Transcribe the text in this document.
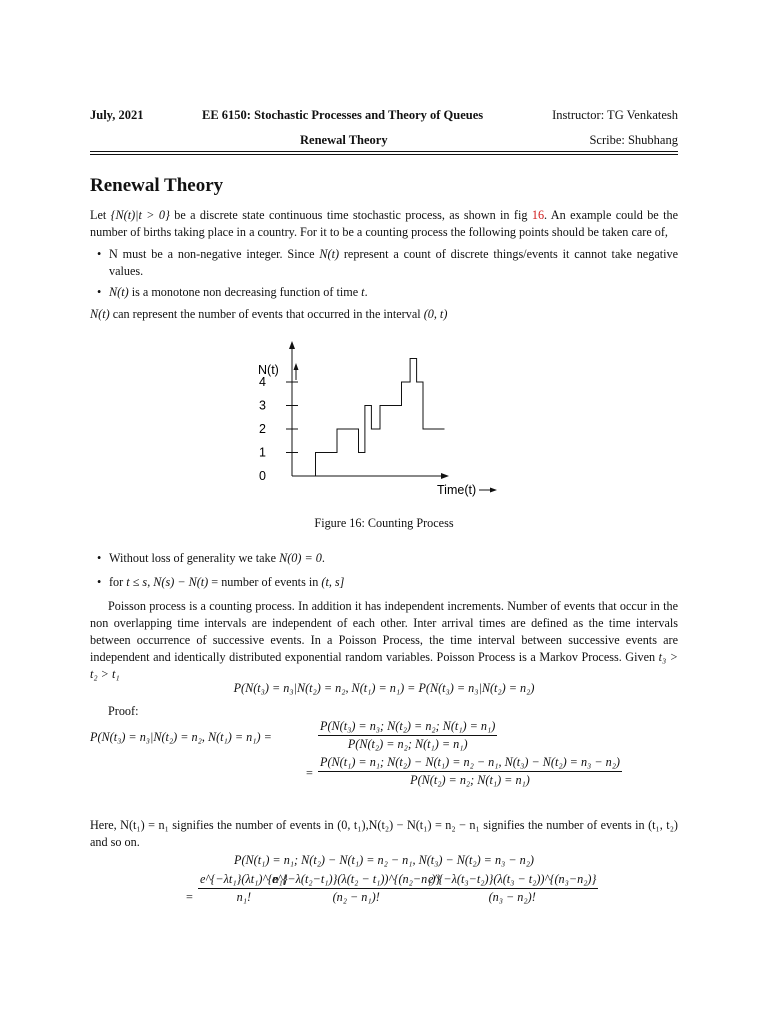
July, 2021	EE 6150: Stochastic Processes and Theory of Queues	Instructor: TG Venkatesh
Renewal Theory	Scribe: Shubhang
Renewal Theory
Let {N(t)|t > 0} be a discrete state continuous time stochastic process, as shown in fig 16. An example could be the number of births taking place in a country. For it to be a counting process the following points should be taken care of,
• N must be a non-negative integer. Since N(t) represent a count of discrete things/events it cannot take negative values.
• N(t) is a monotone non decreasing function of time t.
N(t) can represent the number of events that occurred in the interval (0, t)
N(t)
Time(t)
0
1
2
3
4
Figure 16: Counting Process
• Without loss of generality we take N(0) = 0.
• for t ≤ s, N(s) − N(t) = number of events in (t, s]
Poisson process is a counting process. In addition it has independent increments. Number of events that occur in the non overlapping time intervals are independent of each other. Inter arrival times are defined as the time intervals between occurrence of successive events. In a Poisson Process, the time interval between successive events are independent and identically distributed exponential random variables. Poisson Process is a Markov Process. Given t₃ > t₂ > t₁
P(N(t₃) = n₃|N(t₂) = n₂, N(t₁) = n₁) = P(N(t₃) = n₃|N(t₂) = n₂)
Proof:
P(N(t₃) = n₃|N(t₂) = n₂, N(t₁) = n₁) =	$\frac{\text{P(N(t₃) = n₃; N(t₂) = n₂; N(t₁) = n₁)}}{\text{P(N(t₂) = n₂; N(t₁) = n₁)}}$
=
P(N(t₁) = n₁; N(t₂) − N(t₁) = n₂ − n₁, N(t₃) − N(t₂) = n₃ − n₂)
P(N(t₂) = n₂; N(t₁) = n₁)
Here, N(t₁) = n₁ signifies the number of events in (0, t₁),N(t₂) − N(t₁) = n₂ − n₁ signifies the number of events in (t₁, t₂) and so on.
P(N(t₁) = n₁; N(t₂) − N(t₁) = n₂ − n₁, N(t₃) − N(t₂) = n₃ − n₂)
= $\frac{\text{e\textasciicircum{}\{−λt₁\}(λt₁)\textasciicircum{}\{n₁\}}}{\text{n₁!}}$
$\frac{\text{e\textasciicircum{}\{−λ(t₂−t₁)\}(λ(t₂ − t₁))\textasciicircum{}\{(n₂−n₁)\}}}{\text{(n₂ − n₁)!}}$
$\frac{\text{e\textasciicircum{}\{−λ(t₃−t₂)\}(λ(t₃ − t₂))\textasciicircum{}\{(n₃−n₂)\}}}{\text{(n₃ − n₂)!}}$
